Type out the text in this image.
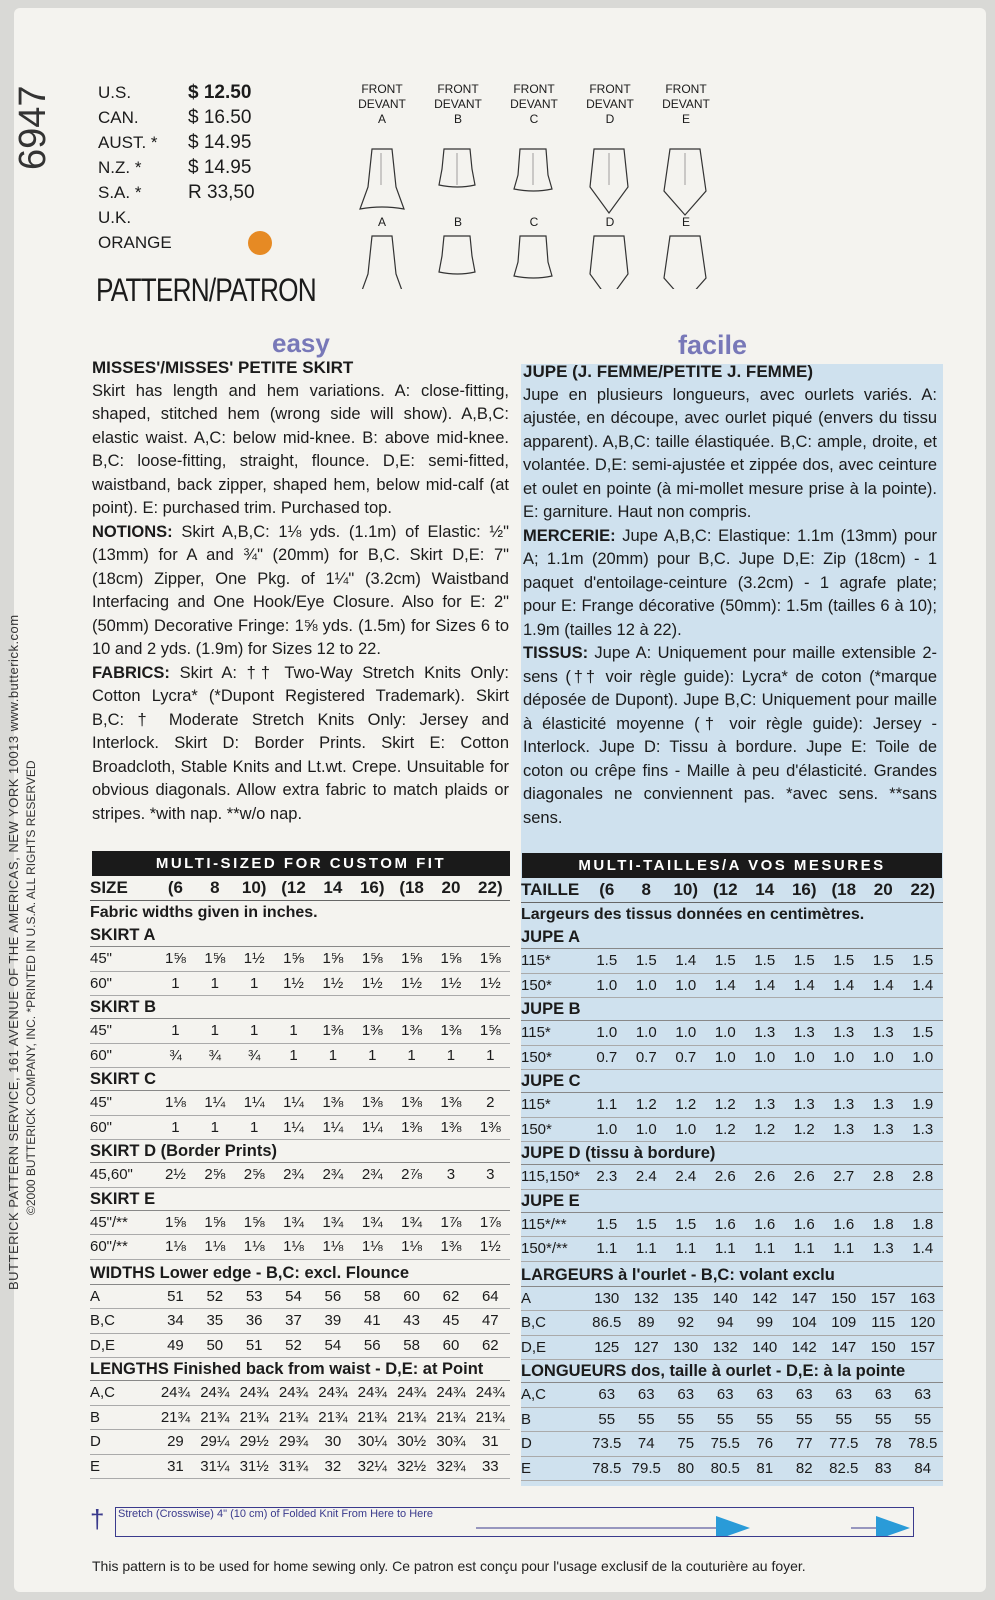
6947
BUTTERICK PATTERN SERVICE, 161 AVENUE OF THE AMERICAS, NEW YORK 10013 www.butterick.com ©2000 BUTTERICK COMPANY, INC. *PRINTED IN U.S.A. ALL RIGHTS RESERVED
U.S.	$ 12.50
CAN.	$ 16.50
AUST. *	$ 14.95
N.Z. *	$ 14.95
S.A. *	R 33,50
U.K.
ORANGE
PATTERN/PATRON
FRONT
DEVANT
A
A
FRONT
DEVANT
B
B
FRONT
DEVANT
C
C
FRONT
DEVANT
D
D
FRONT
DEVANT
E
E
easy	facile

MISSES'/MISSES' PETITE SKIRT

Skirt has length and hem variations. A: close-fitting, shaped, stitched hem (wrong side will show). A,B,C: elastic waist. A,C: below mid-knee. B: above mid-knee. B,C: loose-fitting, straight, flounce. D,E: semi-fitted, waistband, back zipper, shaped hem, below mid-calf (at point). E: purchased trim. Purchased top.

NOTIONS: Skirt A,B,C: 1⅛ yds. (1.1m) of Elastic: ½" (13mm) for A and ¾" (20mm) for B,C. Skirt D,E: 7" (18cm) Zipper, One Pkg. of 1¼" (3.2cm) Waistband Interfacing and One Hook/Eye Closure. Also for E: 2" (50mm) Decorative Fringe: 1⅝ yds. (1.5m) for Sizes 6 to 10 and 2 yds. (1.9m) for Sizes 12 to 22.

FABRICS: Skirt A: †† Two-Way Stretch Knits Only: Cotton Lycra* (*Dupont Registered Trademark). Skirt B,C: † Moderate Stretch Knits Only: Jersey and Interlock. Skirt D: Border Prints. Skirt E: Cotton Broadcloth, Stable Knits and Lt.wt. Crepe. Unsuitable for obvious diagonals. Allow extra fabric to match plaids or stripes. *with nap. **w/o nap.

JUPE (J. FEMME/PETITE J. FEMME)

Jupe en plusieurs longueurs, avec ourlets variés. A: ajustée, en découpe, avec ourlet piqué (envers du tissu apparent). A,B,C: taille élastiquée. B,C: ample, droite, et volantée. D,E: semi-ajustée et zippée dos, avec ceinture et oulet en pointe (à mi-mollet mesure prise à la pointe). E: garniture. Haut non compris.

MERCERIE: Jupe A,B,C: Elastique: 1.1m (13mm) pour A; 1.1m (20mm) pour B,C. Jupe D,E: Zip (18cm) - 1 paquet d'entoilage-ceinture (3.2cm) - 1 agrafe plate; pour E: Frange décorative (50mm): 1.5m (tailles 6 à 10); 1.9m (tailles 12 à 22).

TISSUS: Jupe A: Uniquement pour maille extensible 2-sens (†† voir règle guide): Lycra* de coton (*marque déposée de Dupont). Jupe B,C: Uniquement pour maille à élasticité moyenne († voir règle guide): Jersey - Interlock. Jupe D: Tissu à bordure. Jupe E: Toile de coton ou crêpe fins - Maille à peu d'élasticité. Grandes diagonales ne conviennent pas. *avec sens. **sans sens.

MULTI-SIZED FOR CUSTOM FIT	MULTI-TAILLES/A VOS MESURES
SIZE	(6	8	10) (12	14	16) (18	20	22)
Fabric widths given in inches.
SKIRT A
45"	1⅝	1⅝	1½	1⅝	1⅝	1⅝	1⅝	1⅝	1⅝
60"	1	1	1	1½	1½	1½	1½	1½	1½
SKIRT B
45"	1	1	1	1	1⅜	1⅜	1⅜	1⅜	1⅝
60"	¾	¾	¾	1	1	1	1	1	1
SKIRT C
45"	1⅛	1¼	1¼	1¼	1⅜	1⅜	1⅜	1⅜	2
60"	1	1	1	1¼	1¼	1¼	1⅜	1⅜	1⅜
SKIRT D (Border Prints)
45,60"	2½	2⅝	2⅝	2¾	2¾	2¾	2⅞	3	3
SKIRT E
45"/**	1⅝	1⅝	1⅝	1¾	1¾	1¾	1¾	1⅞	1⅞
60"/**	1⅛	1⅛	1⅛	1⅛	1⅛	1⅛	1⅛	1⅜	1½
WIDTHS Lower edge - B,C: excl. Flounce
A	51	52	53	54	56	58	60	62	64
B,C	34	35	36	37	39	41	43	45	47
D,E	49	50	51	52	54	56	58	60	62
LENGTHS Finished back from waist - D,E: at Point
A,C	24¾ 24¾ 24¾ 24¾ 24¾ 24¾ 24¾ 24¾ 24¾
B	21¾ 21¾ 21¾ 21¾ 21¾ 21¾ 21¾ 21¾ 21¾
D	29	29¼ 29½ 29¾	30	30¼ 30½ 30¾	31
E	31	31¼ 31½ 31¾	32	32¼ 32½ 32¾	33
TAILLE	(6	8	10) (12	14	16) (18	20	22)
Largeurs des tissus données en centimètres.
JUPE A
115*	1.5	1.5	1.4	1.5	1.5	1.5	1.5	1.5	1.5
150*	1.0	1.0	1.0	1.4	1.4	1.4	1.4	1.4	1.4
JUPE B
115*	1.0	1.0	1.0	1.0	1.3	1.3	1.3	1.3	1.5
150*	0.7	0.7	0.7	1.0	1.0	1.0	1.0	1.0	1.0
JUPE C
115*	1.1	1.2	1.2	1.2	1.3	1.3	1.3	1.3	1.9
150*	1.0	1.0	1.0	1.2	1.2	1.2	1.3	1.3	1.3
JUPE D (tissu à bordure)
115,150*	2.3	2.4	2.4	2.6	2.6	2.6	2.7	2.8	2.8
JUPE E
115*/**	1.5	1.5	1.5	1.6	1.6	1.6	1.6	1.8	1.8
150*/**	1.1	1.1	1.1	1.1	1.1	1.1	1.1	1.3	1.4
LARGEURS à l'ourlet - B,C: volant exclu
A	130 132 135 140 142 147 150 157 163
B,C	86.5	89	92	94	99	104 109	115	120
D,E	125 127 130 132 140 142 147 150 157
LONGUEURS dos, taille à ourlet - D,E: à la pointe
A,C	63	63	63	63	63	63	63	63	63
B	55	55	55	55	55	55	55	55	55
D	73.5	74	75	75.5	76	77	77.5	78	78.5
E	78.5 79.5	80	80.5	81	82	82.5	83	84
† Stretch (Crosswise) 4" (10 cm) of Folded Knit From Here to Here
This pattern is to be used for home sewing only. Ce patron est conçu pour l'usage exclusif de la couturière au foyer.
